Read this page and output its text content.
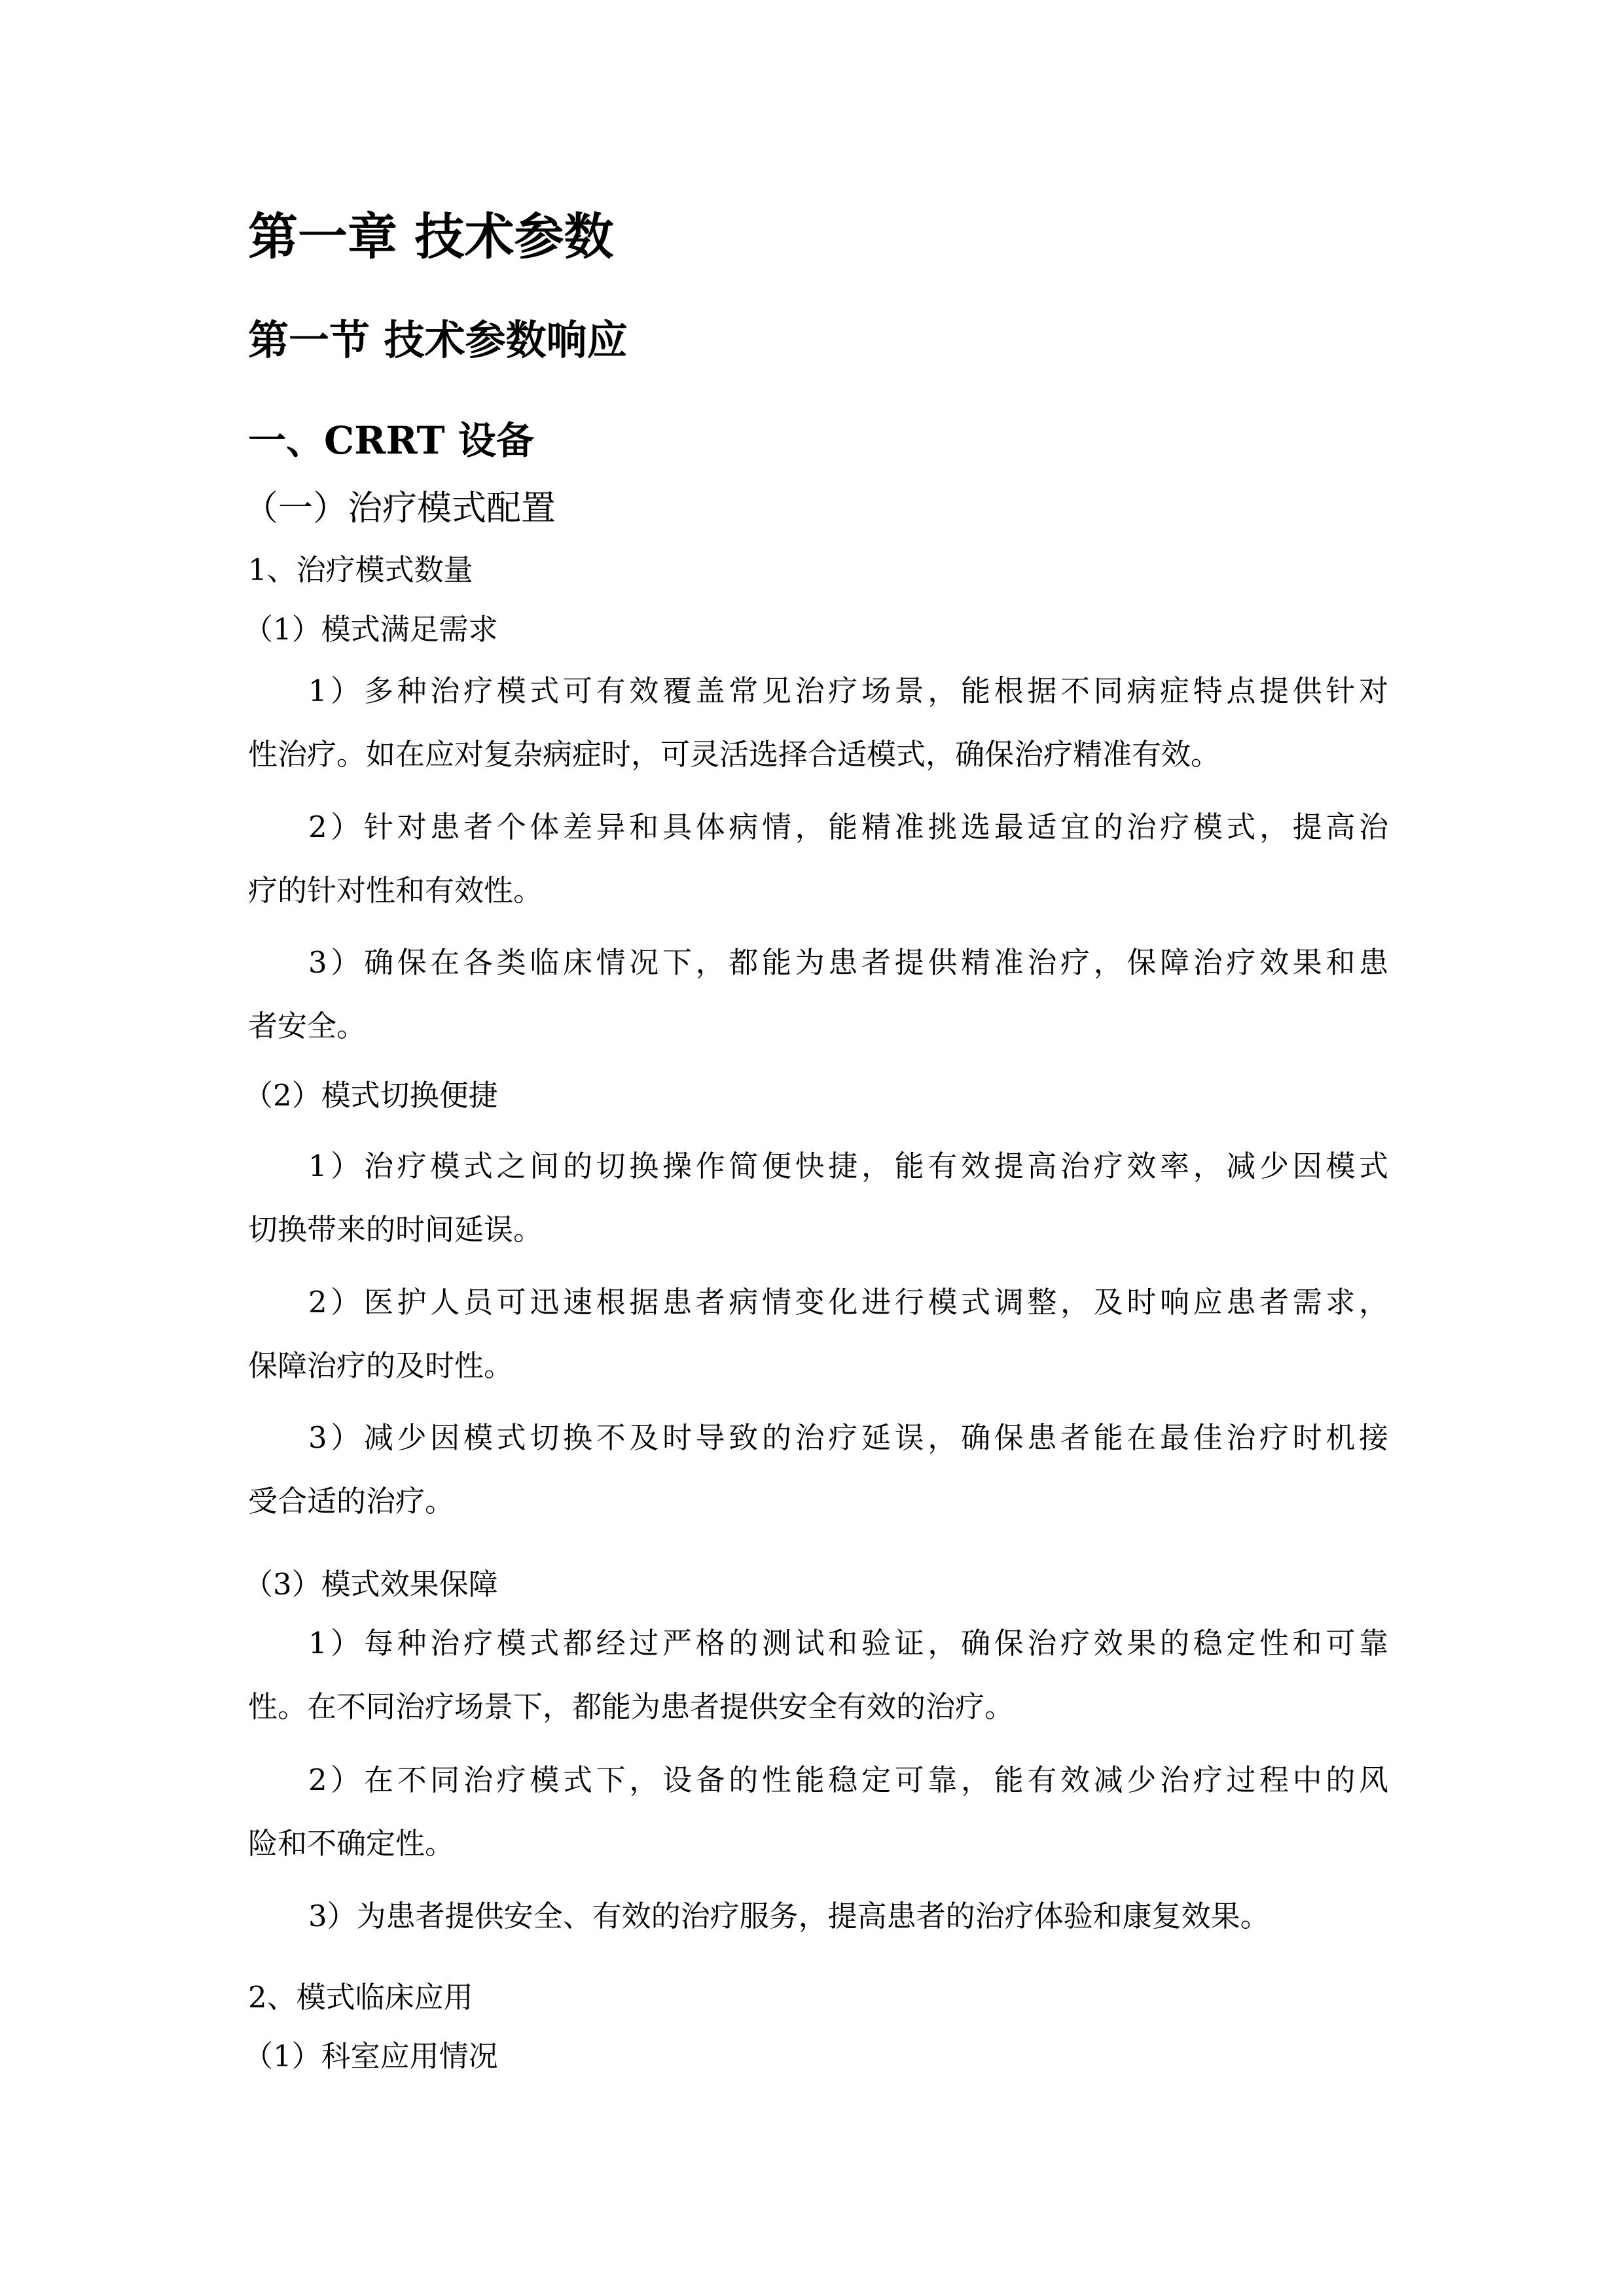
第一章 技术参数
第一节 技术参数响应
一、CRRT 设备
（一）治疗模式配置
1、治疗模式数量
（1）模式满足需求
1）多种治疗模式可有效覆盖常见治疗场景，能根据不同病症特点提供针对
性治疗。如在应对复杂病症时，可灵活选择合适模式，确保治疗精准有效。
2）针对患者个体差异和具体病情，能精准挑选最适宜的治疗模式，提高治
疗的针对性和有效性。
3）确保在各类临床情况下，都能为患者提供精准治疗，保障治疗效果和患
者安全。
（2）模式切换便捷
1）治疗模式之间的切换操作简便快捷，能有效提高治疗效率，减少因模式
切换带来的时间延误。
2）医护人员可迅速根据患者病情变化进行模式调整，及时响应患者需求，
保障治疗的及时性。
3）减少因模式切换不及时导致的治疗延误，确保患者能在最佳治疗时机接
受合适的治疗。
（3）模式效果保障
1）每种治疗模式都经过严格的测试和验证，确保治疗效果的稳定性和可靠
性。在不同治疗场景下，都能为患者提供安全有效的治疗。
2）在不同治疗模式下，设备的性能稳定可靠，能有效减少治疗过程中的风
险和不确定性。
3）为患者提供安全、有效的治疗服务，提高患者的治疗体验和康复效果。
2、模式临床应用
（1）科室应用情况
